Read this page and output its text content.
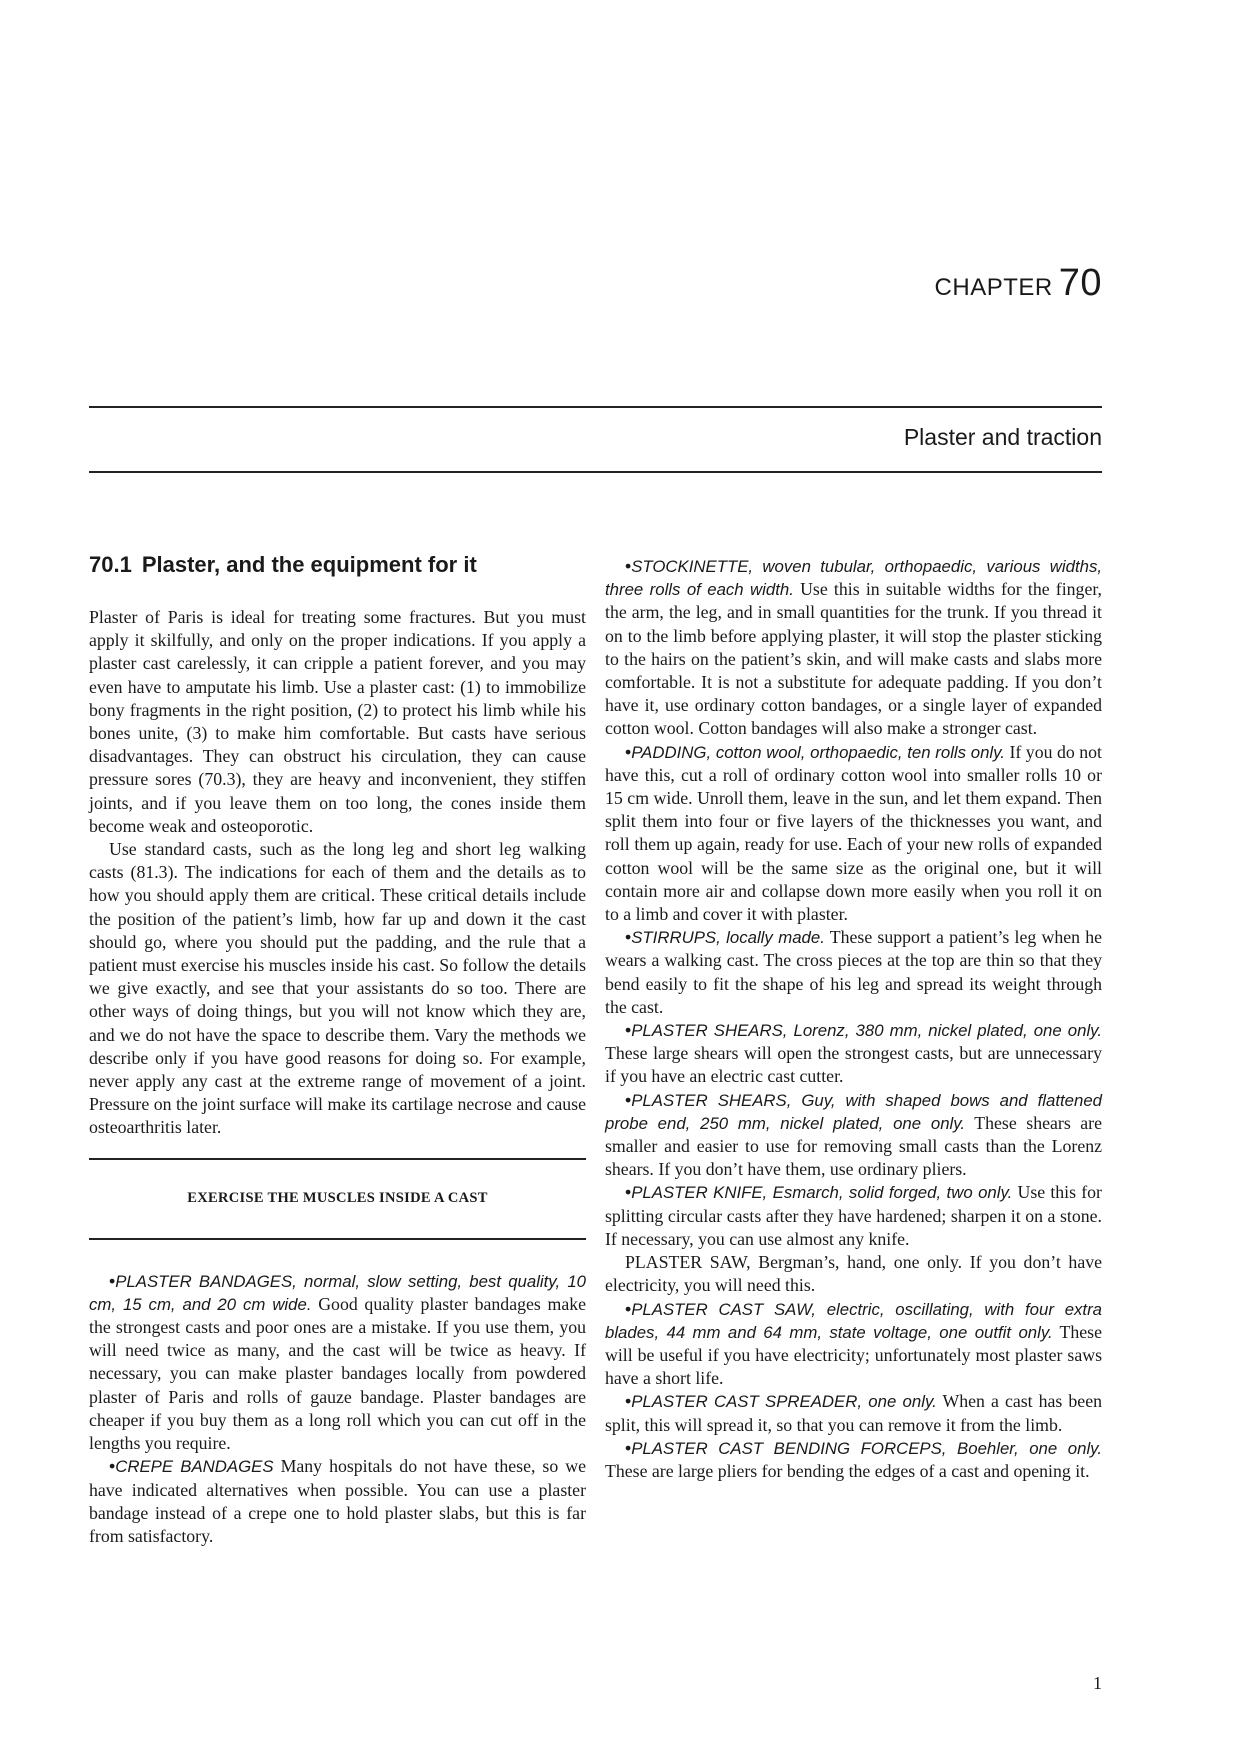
CHAPTER 70
Plaster and traction
70.1 Plaster, and the equipment for it

Plaster of Paris is ideal for treating some fractures. But you must apply it skilfully, and only on the proper indications. If you apply a plaster cast carelessly, it can cripple a patient forever, and you may even have to amputate his limb. Use a plaster cast: (1) to immobilize bony fragments in the right position, (2) to protect his limb while his bones unite, (3) to make him comfortable. But casts have serious disadvantages. They can obstruct his circulation, they can cause pressure sores (70.3), they are heavy and inconvenient, they stiffen joints, and if you leave them on too long, the cones inside them become weak and osteoporotic.

Use standard casts, such as the long leg and short leg walking casts (81.3). The indications for each of them and the details as to how you should apply them are critical. These critical details include the position of the patient’s limb, how far up and down it the cast should go, where you should put the padding, and the rule that a patient must exercise his muscles inside his cast. So follow the details we give exactly, and see that your assistants do so too. There are other ways of doing things, but you will not know which they are, and we do not have the space to describe them. Vary the methods we describe only if you have good reasons for doing so. For example, never apply any cast at the extreme range of movement of a joint. Pressure on the joint surface will make its cartilage necrose and cause osteoarthritis later.

EXERCISE THE MUSCLES INSIDE A CAST

•PLASTER BANDAGES, normal, slow setting, best quality, 10 cm, 15 cm, and 20 cm wide. Good quality plaster bandages make the strongest casts and poor ones are a mistake. If you use them, you will need twice as many, and the cast will be twice as heavy. If necessary, you can make plaster bandages locally from powdered plaster of Paris and rolls of gauze bandage. Plaster bandages are cheaper if you buy them as a long roll which you can cut off in the lengths you require.

•CREPE BANDAGES Many hospitals do not have these, so we have indicated alternatives when possible. You can use a plaster bandage instead of a crepe one to hold plaster slabs, but this is far from satisfactory.

•STOCKINETTE, woven tubular, orthopaedic, various widths, three rolls of each width. Use this in suitable widths for the finger, the arm, the leg, and in small quantities for the trunk. If you thread it on to the limb before applying plaster, it will stop the plaster sticking to the hairs on the patient’s skin, and will make casts and slabs more comfortable. It is not a substitute for adequate padding. If you don’t have it, use ordinary cotton bandages, or a single layer of expanded cotton wool. Cotton bandages will also make a stronger cast.

•PADDING, cotton wool, orthopaedic, ten rolls only. If you do not have this, cut a roll of ordinary cotton wool into smaller rolls 10 or 15 cm wide. Unroll them, leave in the sun, and let them expand. Then split them into four or five layers of the thicknesses you want, and roll them up again, ready for use. Each of your new rolls of expanded cotton wool will be the same size as the original one, but it will contain more air and collapse down more easily when you roll it on to a limb and cover it with plaster.

•STIRRUPS, locally made. These support a patient’s leg when he wears a walking cast. The cross pieces at the top are thin so that they bend easily to fit the shape of his leg and spread its weight through the cast.

•PLASTER SHEARS, Lorenz, 380 mm, nickel plated, one only. These large shears will open the strongest casts, but are unnecessary if you have an electric cast cutter.

•PLASTER SHEARS, Guy, with shaped bows and flattened probe end, 250 mm, nickel plated, one only. These shears are smaller and easier to use for removing small casts than the Lorenz shears. If you don’t have them, use ordinary pliers.

•PLASTER KNIFE, Esmarch, solid forged, two only. Use this for splitting circular casts after they have hardened; sharpen it on a stone. If necessary, you can use almost any knife.

PLASTER SAW, Bergman’s, hand, one only. If you don’t have electricity, you will need this.

•PLASTER CAST SAW, electric, oscillating, with four extra blades, 44 mm and 64 mm, state voltage, one outfit only. These will be useful if you have electricity; unfortunately most plaster saws have a short life.

•PLASTER CAST SPREADER, one only. When a cast has been split, this will spread it, so that you can remove it from the limb.

•PLASTER CAST BENDING FORCEPS, Boehler, one only. These are large pliers for bending the edges of a cast and opening it.

1
